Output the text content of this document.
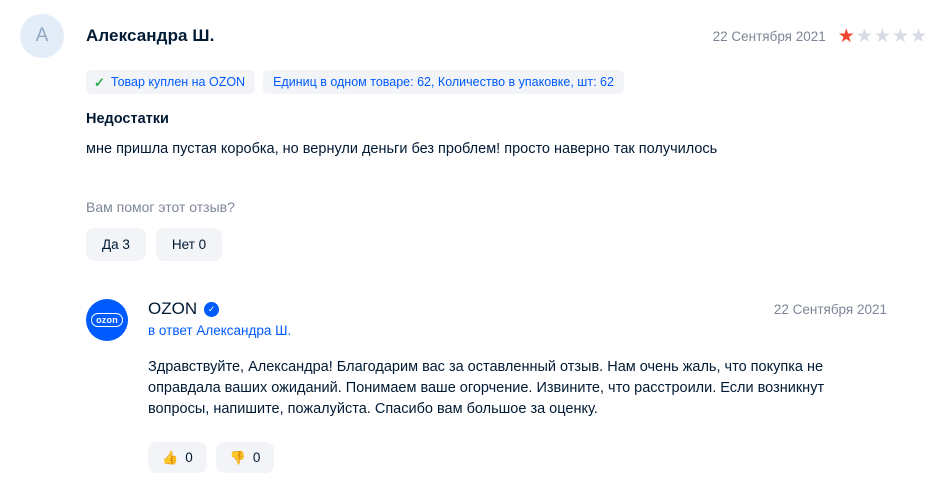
А	Александра Ш.	22 Сентября 2021 ★ ★ ★ ★ ★
✓ Товар куплен на OZON	Единиц в одном товаре: 62, Количество в упаковке, шт: 62
Недостатки
мне пришла пустая коробка, но вернули деньги без проблем! просто наверно так получилось
Вам помог этот отзыв?
Да 3	Нет 0
ozon
OZON	✓
в ответ Александра Ш.
22 Сентября 2021
Здравствуйте, Александра! Благодарим вас за оставленный отзыв. Нам очень жаль, что покупка не оправдала ваших ожиданий. Понимаем ваше огорчение. Извините, что расстроили. Если возникнут вопросы, напишите, пожалуйста. Спасибо вам большое за оценку.
👍 0	👎 0
